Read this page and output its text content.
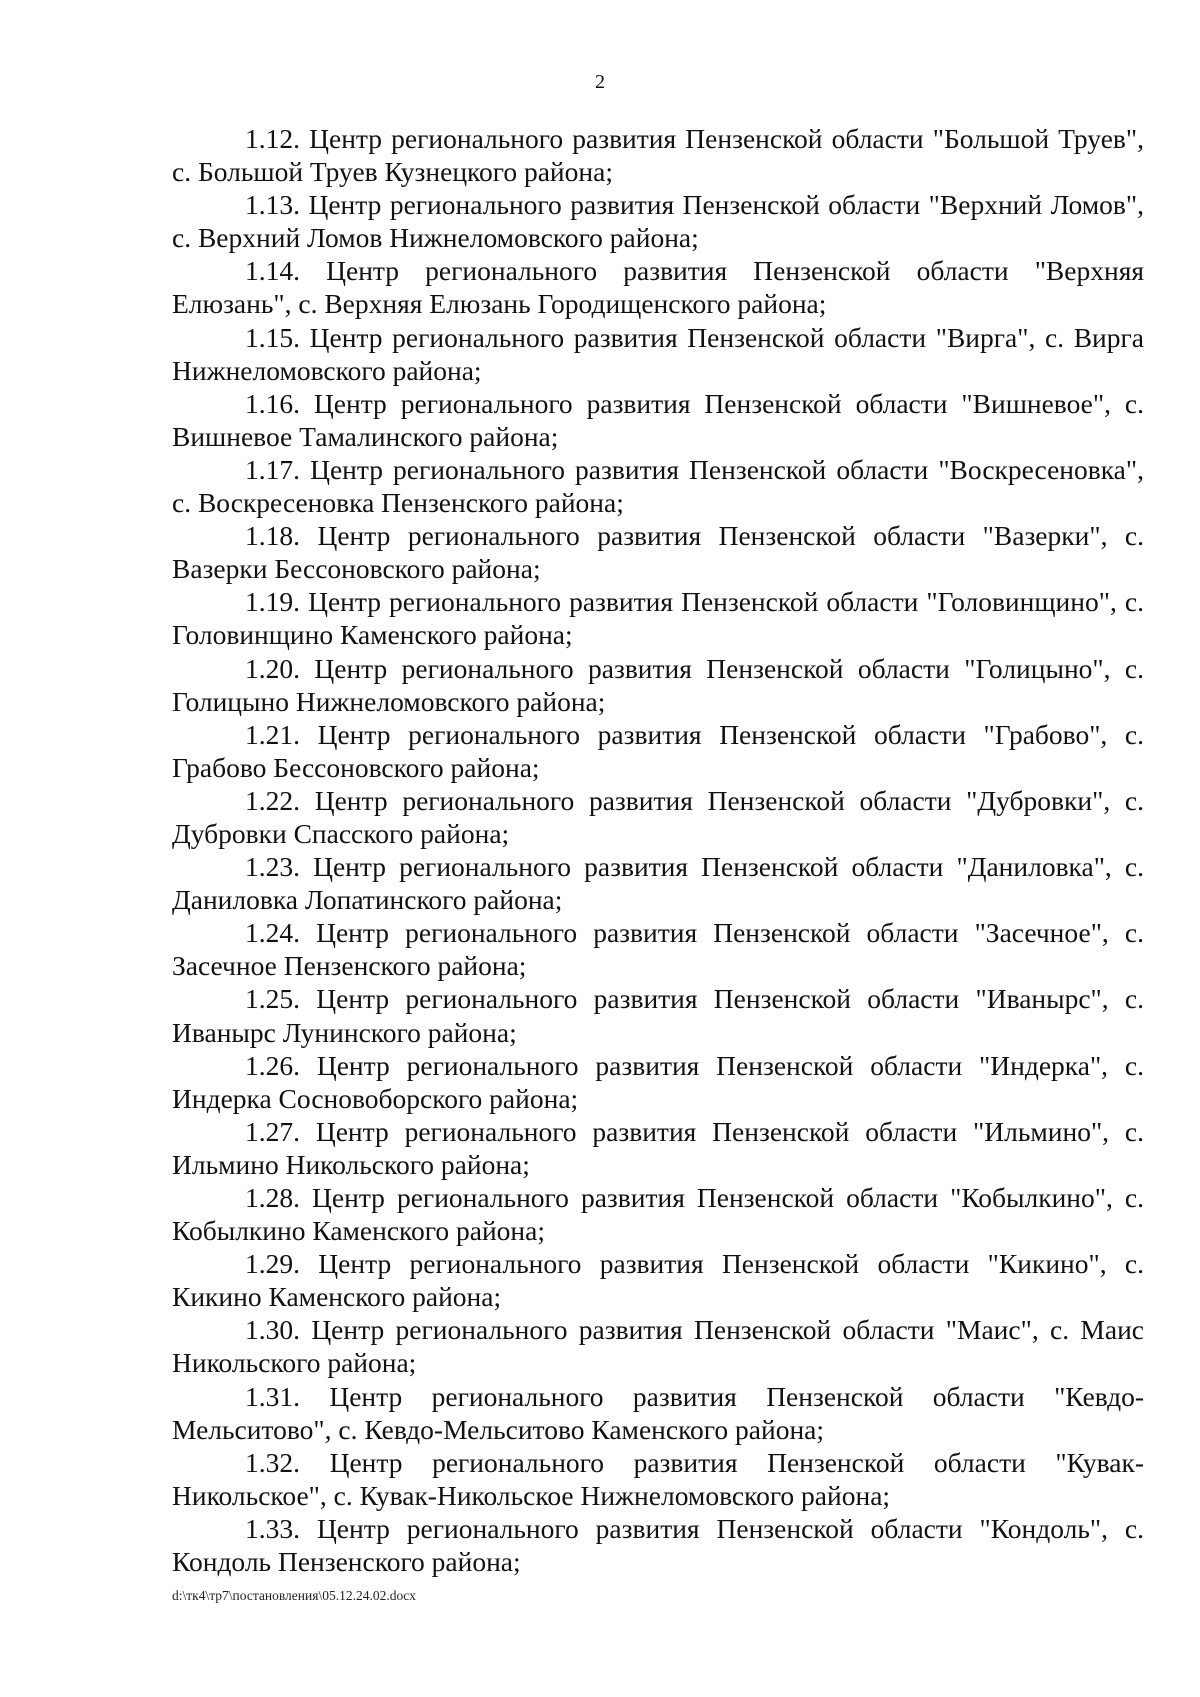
2

1.12. Центр регионального развития Пензенской области "Большой Труев", с. Большой Труев Кузнецкого района;

1.13. Центр регионального развития Пензенской области "Верхний Ломов", с. Верхний Ломов Нижнеломовского района;

1.14. Центр регионального развития Пензенской области "Верхняя Елюзань", с. Верхняя Елюзань Городищенского района;

1.15. Центр регионального развития Пензенской области "Вирга", с. Вирга Нижнеломовского района;

1.16. Центр регионального развития Пензенской области "Вишневое", с. Вишневое Тамалинского района;

1.17. Центр регионального развития Пензенской области "Воскресеновка", с. Воскресеновка Пензенского района;

1.18. Центр регионального развития Пензенской области "Вазерки", с. Вазерки Бессоновского района;

1.19. Центр регионального развития Пензенской области "Головинщино", с. Головинщино Каменского района;

1.20. Центр регионального развития Пензенской области "Голицыно", с. Голицыно Нижнеломовского района;

1.21. Центр регионального развития Пензенской области "Грабово", с. Грабово Бессоновского района;

1.22. Центр регионального развития Пензенской области "Дубровки", с. Дубровки Спасского района;

1.23. Центр регионального развития Пензенской области "Даниловка", с. Даниловка Лопатинского района;

1.24. Центр регионального развития Пензенской области "Засечное", с. Засечное Пензенского района;

1.25. Центр регионального развития Пензенской области "Иванырс", с. Иванырс Лунинского района;

1.26. Центр регионального развития Пензенской области "Индерка", с. Индерка Сосновоборского района;

1.27. Центр регионального развития Пензенской области "Ильмино", с. Ильмино Никольского района;

1.28. Центр регионального развития Пензенской области "Кобылкино", с. Кобылкино Каменского района;

1.29. Центр регионального развития Пензенской области "Кикино", с. Кикино Каменского района;

1.30. Центр регионального развития Пензенской области "Маис", с. Маис Никольского района;

1.31. Центр регионального развития Пензенской области "Кевдо-Мельситово", с. Кевдо-Мельситово Каменского района;

1.32. Центр регионального развития Пензенской области "Кувак-Никольское", с. Кувак-Никольское Нижнеломовского района;

1.33. Центр регионального развития Пензенской области "Кондоль", с. Кондоль Пензенского района;

d:\тк4\тр7\постановления\05.12.24.02.docx
